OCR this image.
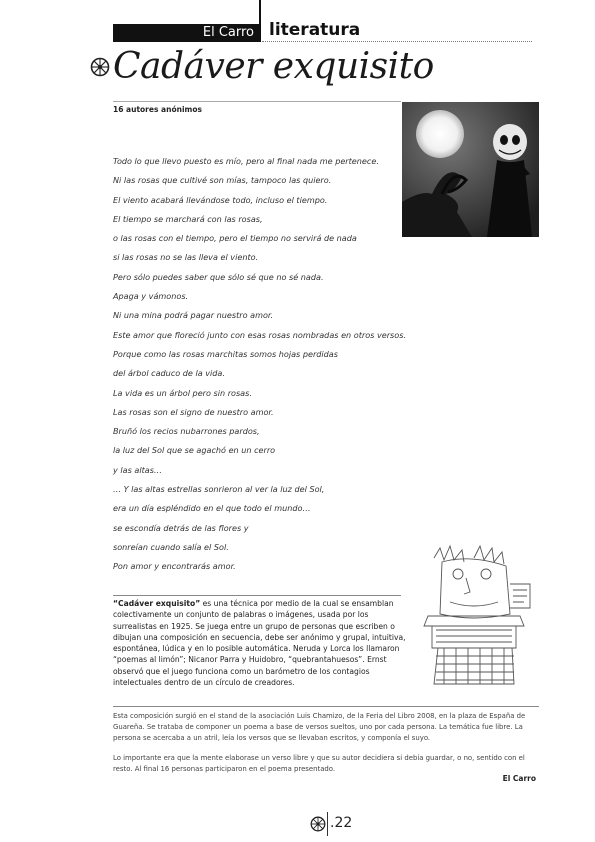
El Carro literatura
Cadáver exquisito
16 autores anónimos
Todo lo que llevo puesto es mío, pero al final nada me pertenece.
Ni las rosas que cultivé son mías, tampoco las quiero.
El viento acabará llevándose todo, incluso el tiempo.
El tiempo se marchará con las rosas,
o las rosas con el tiempo, pero el tiempo no servirá de nada
si las rosas no se las lleva el viento.
Pero sólo puedes saber que sólo sé que no sé nada.
Apaga y vámonos.
Ni una mina podrá pagar nuestro amor.
Este amor que floreció junto con esas rosas nombradas en otros versos.
Porque como las rosas marchitas somos hojas perdidas
del árbol caduco de la vida.
La vida es un árbol pero sin rosas.
Las rosas son el signo de nuestro amor.
Bruñó los recios nubarrones pardos,
la luz del Sol que se agachó en un cerro
y las altas…
… Y las altas estrellas sonrieron al ver la luz del Sol,
era un día espléndido en el que todo el mundo…
se escondía detrás de las flores y
sonreían cuando salía el Sol.
Pon amor y encontrarás amor.

“Cadáver exquisito” es una técnica por medio de la cual se ensamblan colectivamente un conjunto de palabras o imágenes, usada por los surrealistas en 1925. Se juega entre un grupo de personas que escriben o dibujan una composición en secuencia, debe ser anónimo y grupal, intuitiva, espontánea, lúdica y en lo posible automática. Neruda y Lorca los llamaron “poemas al limón”; Nicanor Parra y Huidobro, “quebrantahuesos”. Ernst observó que el juego funciona como un barómetro de los contagios intelectuales dentro de un círculo de creadores.

Esta composición surgió en el stand de la asociación Luis Chamizo, de la Feria del Libro 2008, en la plaza de España de Guareña. Se trataba de componer un poema a base de versos sueltos, uno por cada persona. La temática fue libre. La persona se acercaba a un atril, leía los versos que se llevaban escritos, y componía el suyo.

Lo importante era que la mente elaborase un verso libre y que su autor decidiera si debía guardar, o no, sentido con el resto. Al final 16 personas participaron en el poema presentado.

El Carro
.22
